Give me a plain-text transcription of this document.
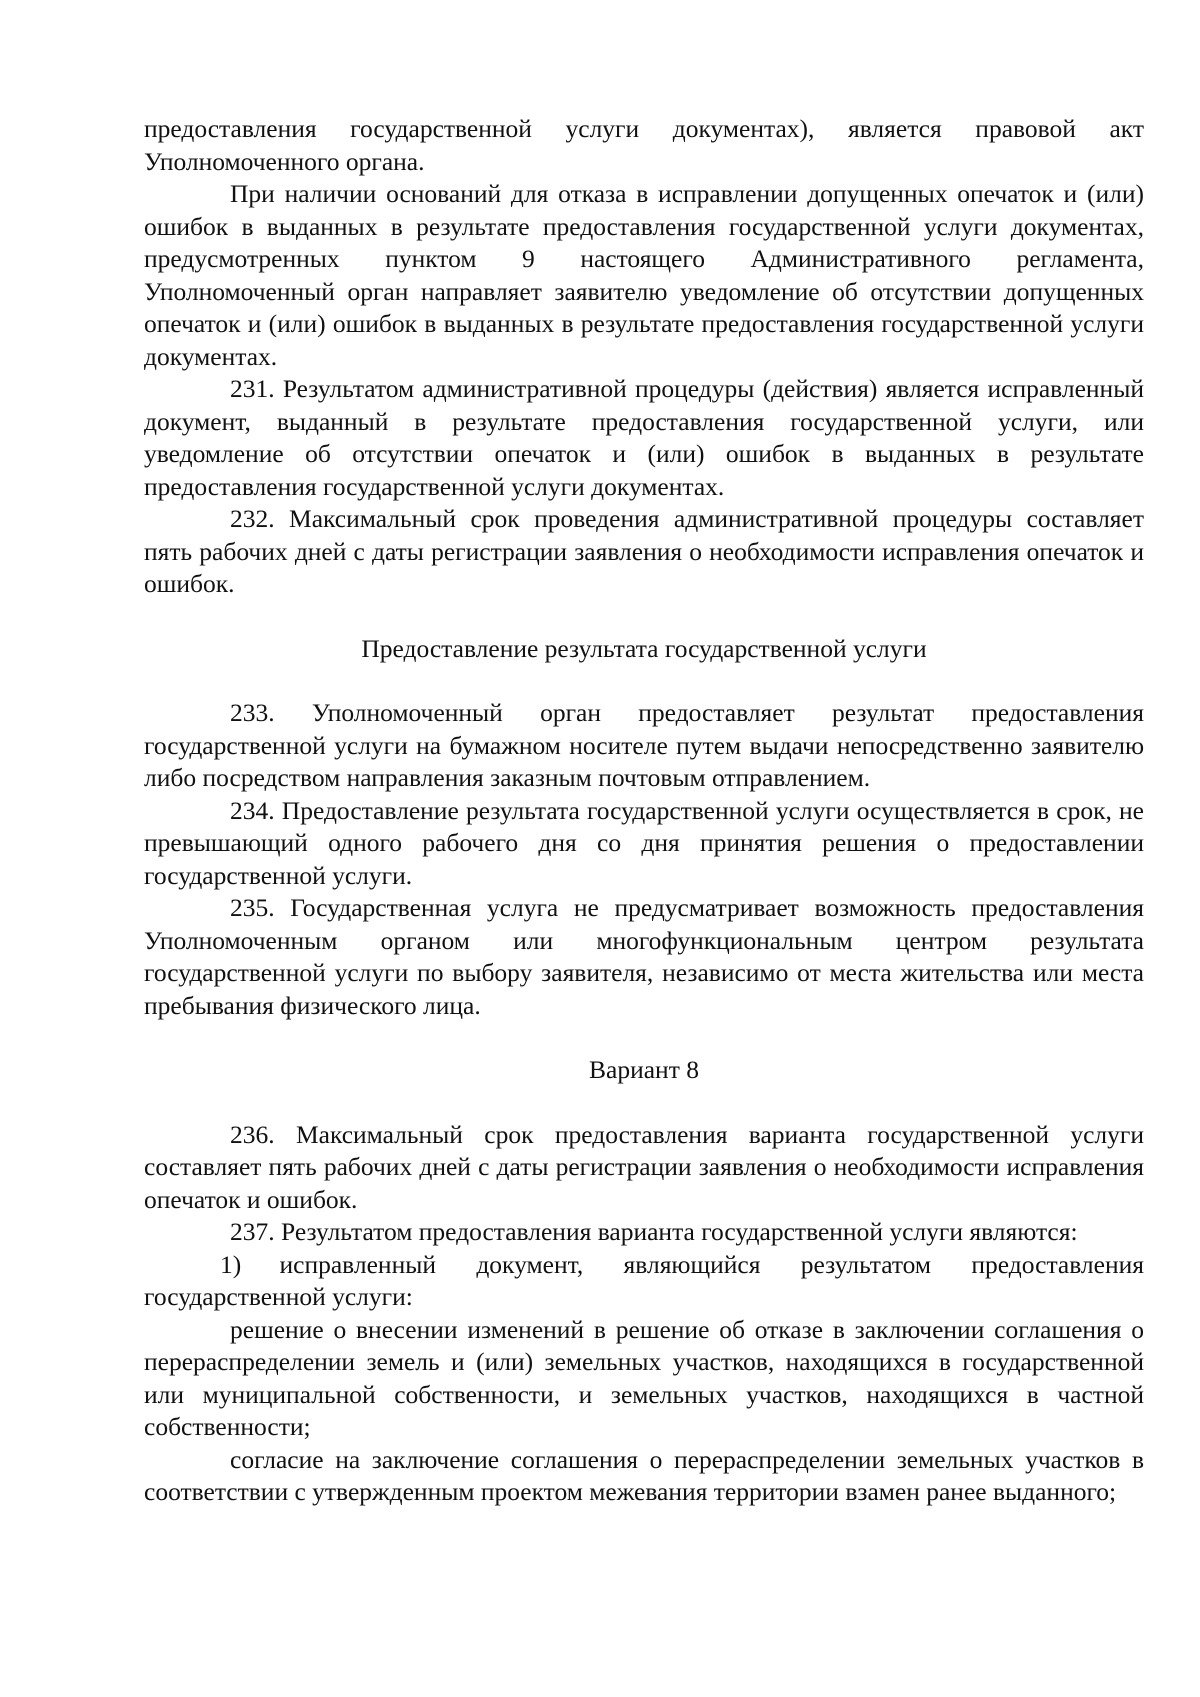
предоставления государственной услуги документах), является правовой акт Уполномоченного органа.

При наличии оснований для отказа в исправлении допущенных опечаток и (или) ошибок в выданных в результате предоставления государственной услуги документах, предусмотренных пунктом 9 настоящего Административного регламента, Уполномоченный орган направляет заявителю уведомление об отсутствии допущенных опечаток и (или) ошибок в выданных в результате предоставления государственной услуги документах.

231. Результатом административной процедуры (действия) является исправленный документ, выданный в результате предоставления государственной услуги, или уведомление об отсутствии опечаток и (или) ошибок в выданных в результате предоставления государственной услуги документах.

232. Максимальный срок проведения административной процедуры составляет пять рабочих дней с даты регистрации заявления о необходимости исправления опечаток и ошибок.

Предоставление результата государственной услуги

233. Уполномоченный орган предоставляет результат предоставления государственной услуги на бумажном носителе путем выдачи непосредственно заявителю либо посредством направления заказным почтовым отправлением.

234. Предоставление результата государственной услуги осуществляется в срок, не превышающий одного рабочего дня со дня принятия решения о предоставлении государственной услуги.

235. Государственная услуга не предусматривает возможность предоставления Уполномоченным органом или многофункциональным центром результата государственной услуги по выбору заявителя, независимо от места жительства или места пребывания физического лица.

Вариант 8

236. Максимальный срок предоставления варианта государственной услуги составляет пять рабочих дней с даты регистрации заявления о необходимости исправления опечаток и ошибок.

237. Результатом предоставления варианта государственной услуги являются:

1)  исправленный документ, являющийся результатом предоставления государственной услуги:

решение о внесении изменений в решение об отказе в заключении соглашения о перераспределении земель и (или) земельных участков, находящихся в государственной или муниципальной собственности, и земельных участков, находящихся в частной собственности;

согласие на заключение соглашения о перераспределении земельных участков в соответствии с утвержденным проектом межевания территории взамен ранее выданного;
